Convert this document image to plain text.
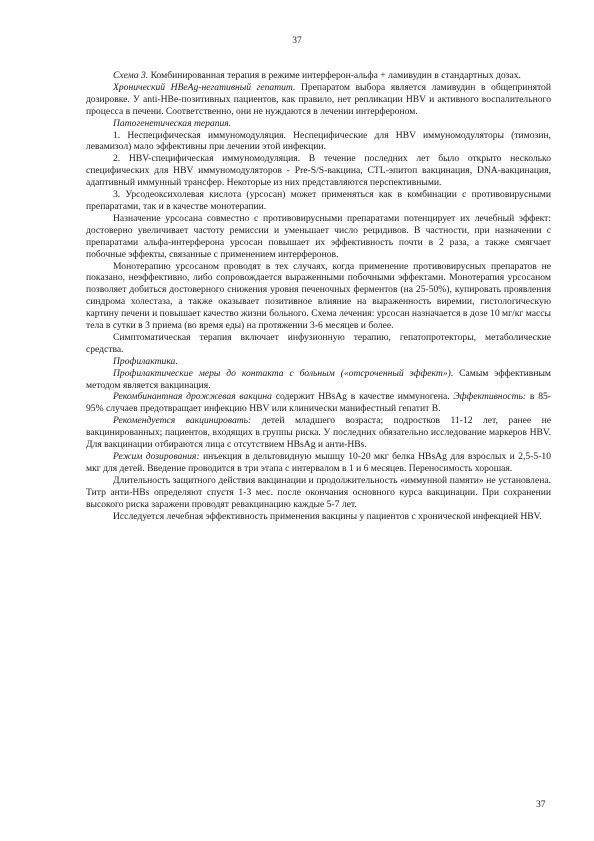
37

Схема 3. Комбинированная терапия в режиме интерферон-альфа + ламивудин в стандартных дозах.

Хронический HBeAg-негативный гепатит. Препаратом выбора является ламивудин в общепринятой дозировке. У anti-HBe-позитивных пациентов, как правило, нет репликации HBV и активного воспалительного процесса в печени. Соответственно, они не нуждаются в лечении интерфероном.

Патогенетическая терапия.

1. Неспецифическая иммуномодуляция. Неспецифические для HBV иммуномодуляторы (тимозин, левамизол) мало эффективны при лечении этой инфекции.

2. HBV-специфическая иммуномодуляция. В течение последних лет было открыто несколько специфических для HBV иммуномодуляторов - Pre-S/S-вакцина, CTL-эпитоп вакцинация, DNA-вакцинация, адаптивный иммунный трансфер. Некоторые из них представляются перспективными.

3. Урсодеоксихолевая кислота (урсосан) может применяться как в комбинации с противовирусными препаратами, так и в качестве монотерапии.

Назначение урсосана совместно с противовирусными препаратами потенцирует их лечебный эффект: достоверно увеличивает частоту ремиссии и уменьшает число рецидивов. В частности, при назначении с препаратами альфа-интерферона урсосан повышает их эффективность почти в 2 раза, а также смягчает побочные эффекты, связанные с применением интерферонов.

Монотерапию урсосаном проводят в тех случаях, когда применение противовирусных препаратов не показано, неэффективно, либо сопровождается выраженными побочными эффектами. Монотерапия урсосаном позволяет добиться достоверного снижения уровня печеночных ферментов (на 25-50%), купировать проявления синдрома холестаза, а также оказывает позитивное влияние на выраженность виремии, гистологическую картину печени и повышает качество жизни больного. Схема лечения: урсосан назначается в дозе 10 мг/кг массы тела в сутки в 3 приема (во время еды) на протяжении 3-6 месяцев и более.

Симптоматическая терапия включает инфузионную терапию, гепатопротекторы, метаболические средства.

Профилактика.

Профилактические меры до контакта с больным («отсроченный эффект»). Самым эффективным методом является вакцинация.

Рекомбинантная дрожжевая вакцина содержит HBsAg в качестве иммуногена. Эффективность: в 85-95% случаев предотвращает инфекцию HBV или клинически манифестный гепатит B.

Рекомендуется вакцинировать: детей младшего возраста; подростков 11-12 лет, ранее не вакцинированных; пациентов, входящих в группы риска. У последних обязательно исследование маркеров HBV. Для вакцинации отбираются лица с отсутствием HBsAg и анти-HBs.

Режим дозирования: инъекция в дельтовидную мышцу 10-20 мкг белка HBsAg для взрослых и 2,5-5-10 мкг для детей. Введение проводится в три этапа с интервалом в 1 и 6 месяцев. Переносимость хорошая.

Длительность защитного действия вакцинации и продолжительность «иммунной памяти» не установлена. Титр анти-HBs определяют спустя 1-3 мес. после окончания основного курса вакцинации. При сохранении высокого риска заражени проводят ревакцинацию каждые 5-7 лет.

Исследуется лечебная эффективность применения вакцины у пациентов с хронической инфекцией HBV.

37
